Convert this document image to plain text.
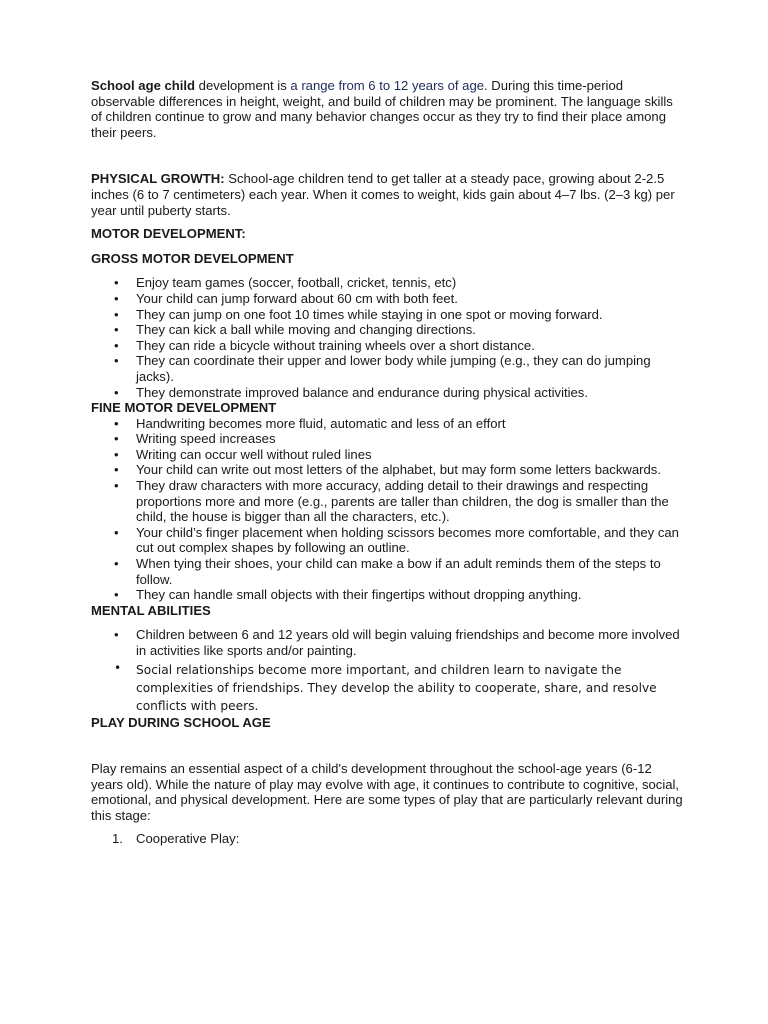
School age child development is a range from 6 to 12 years of age. During this time-period observable differences in height, weight, and build of children may be prominent. The language skills of children continue to grow and many behavior changes occur as they try to find their place among their peers.

PHYSICAL GROWTH: School-age children tend to get taller at a steady pace, growing about 2-2.5 inches (6 to 7 centimeters) each year. When it comes to weight, kids gain about 4–7 lbs. (2–3 kg) per year until puberty starts.

MOTOR DEVELOPMENT:

GROSS MOTOR DEVELOPMENT

• Enjoy team games (soccer, football, cricket, tennis, etc)
• Your child can jump forward about 60 cm with both feet.
• They can jump on one foot 10 times while staying in one spot or moving forward.
• They can kick a ball while moving and changing directions.
• They can ride a bicycle without training wheels over a short distance.
• They can coordinate their upper and lower body while jumping (e.g., they can do jumping jacks).
• They demonstrate improved balance and endurance during physical activities.

FINE MOTOR DEVELOPMENT

• Handwriting becomes more fluid, automatic and less of an effort
• Writing speed increases
• Writing can occur well without ruled lines
• Your child can write out most letters of the alphabet, but may form some letters backwards.
• They draw characters with more accuracy, adding detail to their drawings and respecting proportions more and more (e.g., parents are taller than children, the dog is smaller than the child, the house is bigger than all the characters, etc.).
• Your child’s finger placement when holding scissors becomes more comfortable, and they can cut out complex shapes by following an outline.
• When tying their shoes, your child can make a bow if an adult reminds them of the steps to follow.
• They can handle small objects with their fingertips without dropping anything.

MENTAL ABILITIES

• Children between 6 and 12 years old will begin valuing friendships and become more involved in activities like sports and/or painting.
• Social relationships become more important, and children learn to navigate the complexities of friendships. They develop the ability to cooperate, share, and resolve conflicts with peers.

PLAY DURING SCHOOL AGE

Play remains an essential aspect of a child's development throughout the school-age years (6-12 years old). While the nature of play may evolve with age, it continues to contribute to cognitive, social, emotional, and physical development. Here are some types of play that are particularly relevant during this stage:

1. Cooperative Play:
